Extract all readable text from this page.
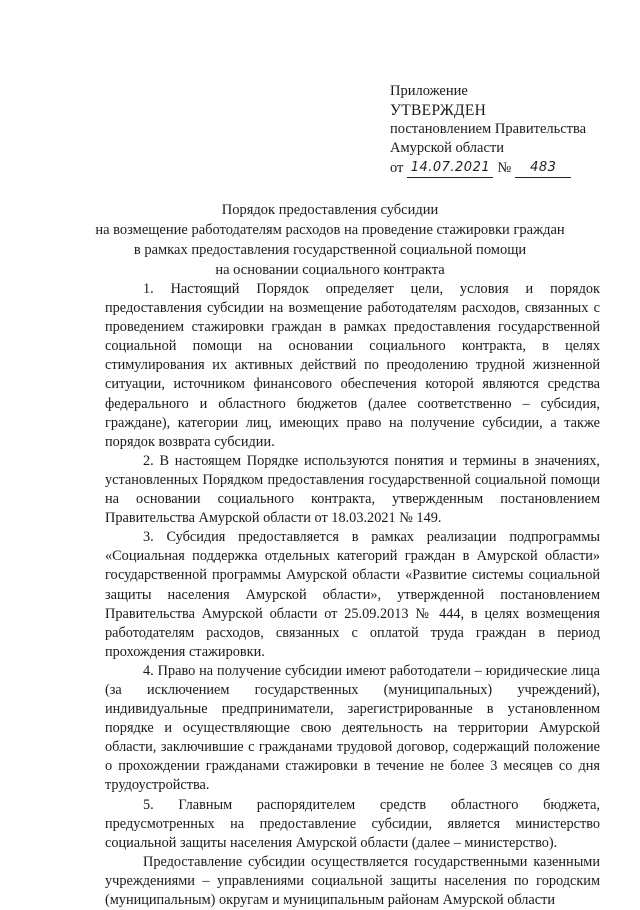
Приложение
УТВЕРЖДЕН
постановлением Правительства
Амурской области
от 14.07.2021 №	483
Порядок предоставления субсидии
на возмещение работодателям расходов на проведение стажировки граждан
в рамках предоставления государственной социальной помощи
на основании социального контракта

1. Настоящий Порядок определяет цели, условия и порядок предоставления субсидии на возмещение работодателям расходов, связанных с проведением стажировки граждан в рамках предоставления государственной социальной помощи на основании социального контракта, в целях стимулирования их активных действий по преодолению трудной жизненной ситуации, источником финансового обеспечения которой являются средства федерального и областного бюджетов (далее соответственно – субсидия, граждане), категории лиц, имеющих право на получение субсидии, а также порядок возврата субсидии.

2. В настоящем Порядке используются понятия и термины в значениях, установленных Порядком предоставления государственной социальной помощи на основании социального контракта, утвержденным постановлением Правительства Амурской области от 18.03.2021 № 149.

3. Субсидия предоставляется в рамках реализации подпрограммы «Социальная поддержка отдельных категорий граждан в Амурской области» государственной программы Амурской области «Развитие системы социальной защиты населения Амурской области», утвержденной постановлением Правительства Амурской области от 25.09.2013 № 444, в целях возмещения работодателям расходов, связанных с оплатой труда граждан в период прохождения стажировки.

4. Право на получение субсидии имеют работодатели – юридические лица (за исключением государственных (муниципальных) учреждений), индивидуальные предприниматели, зарегистрированные в установленном порядке и осуществляющие свою деятельность на территории Амурской области, заключившие с гражданами трудовой договор, содержащий положение о прохождении гражданами стажировки в течение не более 3 месяцев со дня трудоустройства.

5. Главным распорядителем средств областного бюджета, предусмотренных на предоставление субсидии, является министерство социальной защиты населения Амурской области (далее – министерство).

Предоставление субсидии осуществляется государственными казенными учреждениями – управлениями социальной защиты населения по городским (муниципальным) округам и муниципальным районам Амурской области
